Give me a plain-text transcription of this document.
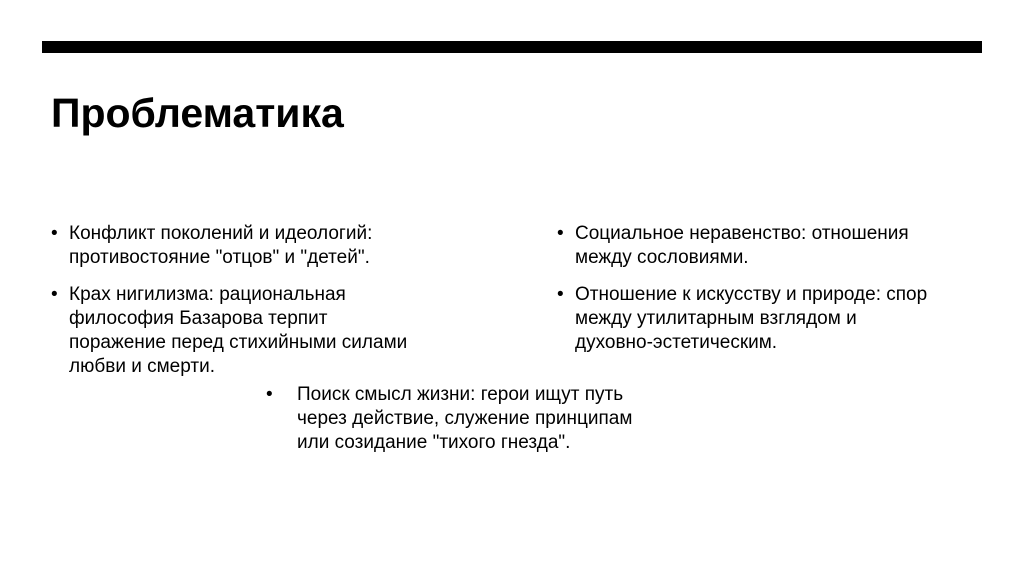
Проблематика
• Конфликт поколений и идеологий:
противостояние "отцов" и "детей".
• Крах нигилизма: рациональная
философия Базарова терпит
поражение перед стихийными силами
любви и смерти.
• Социальное неравенство: отношения
между сословиями.
• Отношение к искусству и природе: спор
между утилитарным взглядом и
духовно-эстетическим.
• Поиск смысл жизни: герои ищут путь
через действие, служение принципам
или созидание "тихого гнезда".
